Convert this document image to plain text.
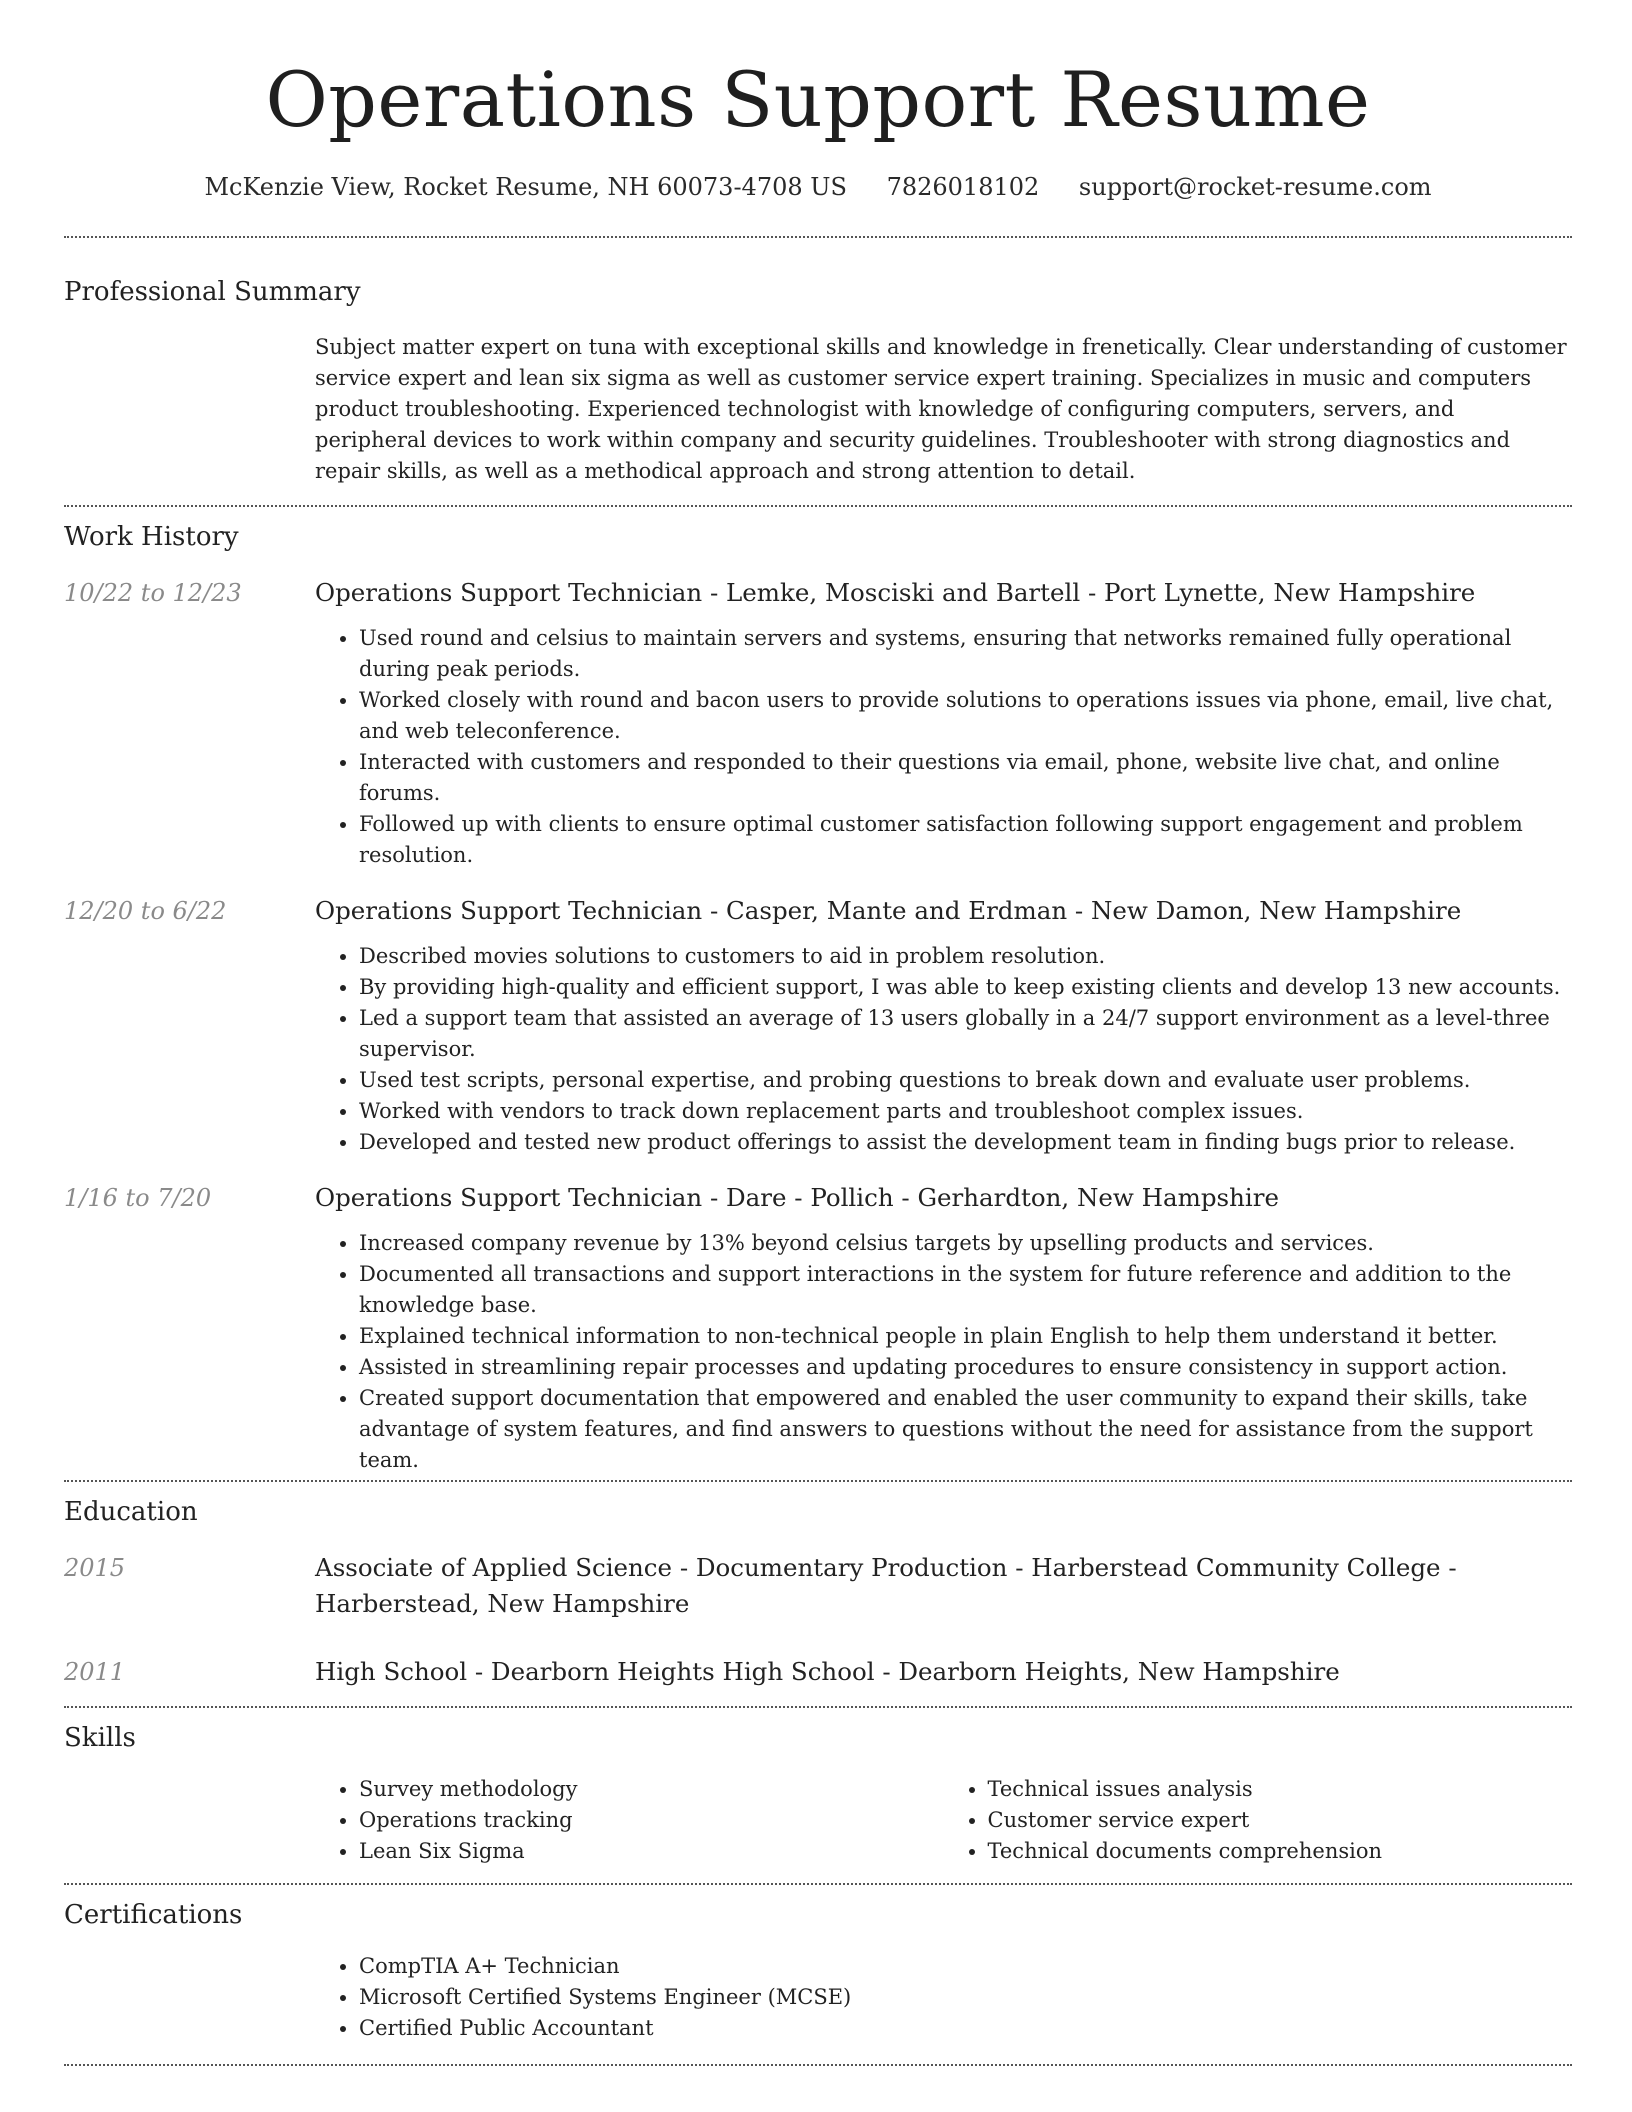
Operations Support Resume
McKenzie View, Rocket Resume, NH 60073-4708 US 7826018102 support@rocket-resume.com
Professional Summary

Subject matter expert on tuna with exceptional skills and knowledge in frenetically. Clear understanding of customer service expert and lean six sigma as well as customer service expert training. Specializes in music and computers product troubleshooting. Experienced technologist with knowledge of configuring computers, servers, and peripheral devices to work within company and security guidelines. Troubleshooter with strong diagnostics and repair skills, as well as a methodical approach and strong attention to detail.

Work History
10/22 to 12/23	Operations Support Technician - Lemke, Mosciski and Bartell - Port Lynette, New Hampshire
• Used round and celsius to maintain servers and systems, ensuring that networks remained fully operational during peak periods.
• Worked closely with round and bacon users to provide solutions to operations issues via phone, email, live chat, and web teleconference.
• Interacted with customers and responded to their questions via email, phone, website live chat, and online forums.
• Followed up with clients to ensure optimal customer satisfaction following support engagement and problem resolution.
12/20 to 6/22	Operations Support Technician - Casper, Mante and Erdman - New Damon, New Hampshire
• Described movies solutions to customers to aid in problem resolution.
• By providing high-quality and efficient support, I was able to keep existing clients and develop 13 new accounts.
• Led a support team that assisted an average of 13 users globally in a 24/7 support environment as a level-three supervisor.
• Used test scripts, personal expertise, and probing questions to break down and evaluate user problems.
• Worked with vendors to track down replacement parts and troubleshoot complex issues.
• Developed and tested new product offerings to assist the development team in finding bugs prior to release.
1/16 to 7/20	Operations Support Technician - Dare - Pollich - Gerhardton, New Hampshire
• Increased company revenue by 13% beyond celsius targets by upselling products and services.
• Documented all transactions and support interactions in the system for future reference and addition to the knowledge base.
• Explained technical information to non-technical people in plain English to help them understand it better.
• Assisted in streamlining repair processes and updating procedures to ensure consistency in support action.
• Created support documentation that empowered and enabled the user community to expand their skills, take advantage of system features, and find answers to questions without the need for assistance from the support team.
Education
2015	Associate of Applied Science - Documentary Production - Harberstead Community College - Harberstead, New Hampshire
2011	High School - Dearborn Heights High School - Dearborn Heights, New Hampshire
Skills
• Survey methodology
• Operations tracking
• Lean Six Sigma
• Technical issues analysis
• Customer service expert
• Technical documents comprehension
Certifications
• CompTIA A+ Technician
• Microsoft Certified Systems Engineer (MCSE)
• Certified Public Accountant
